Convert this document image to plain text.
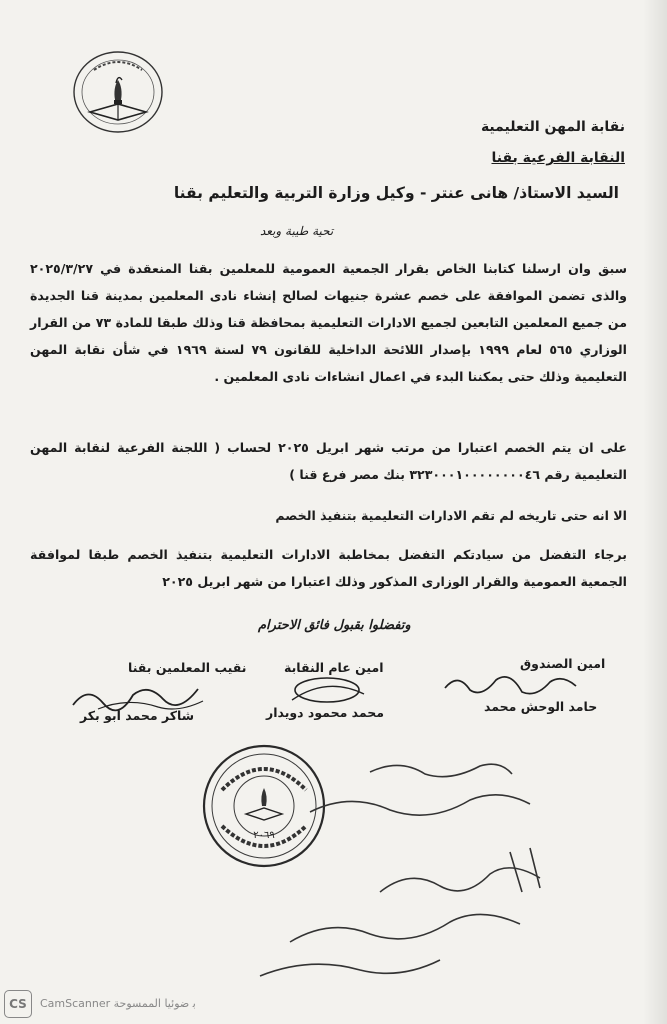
نقابة المهن التعليمية
النقابة الفرعية بقنا
السيد الاستاذ/ هانى عنتر - وكيل وزارة التربية والتعليم بقنا
تحية طيبة وبعد
سبق وان ارسلنا كتابنا الخاص بقرار الجمعية العمومية للمعلمين بقنا المنعقدة في ٢٠٢٥/٣/٢٧ والذى تضمن الموافقة على خصم عشرة جنيهات لصالح إنشاء نادى المعلمين بمدينة قنا الجديدة من جميع المعلمين التابعين لجميع الادارات التعليمية بمحافظة قنا وذلك طبقا للمادة ٧٣ من القرار الوزاري ٥٦٥ لعام ١٩٩٩ بإصدار اللائحة الداخلية للقانون ٧٩ لسنة ١٩٦٩ في شأن نقابة المهن التعليمية وذلك حتى يمكننا البدء في اعمال انشاءات نادى المعلمين .
على ان يتم الخصم اعتبارا من مرتب شهر ابريل ٢٠٢٥ لحساب ( اللجنة الفرعية لنقابة المهن التعليمية رقم ٣٢٣٠٠٠١٠٠٠٠٠٠٠٠٤٦ بنك مصر فرع قنا )
الا انه حتى تاريخه لم تقم الادارات التعليمية بتنفيذ الخصم
برجاء التفضل من سيادتكم التفضل بمخاطبة الادارات التعليمية بتنفيذ الخصم طبقا لموافقة الجمعية العمومية والقرار الوزارى المذكور وذلك اعتبارا من شهر ابريل ٢٠٢٥
وتفضلوا بقبول فائق الاحترام
نقيب المعلمين بقنا
شاكر محمد ابو بكر
امين عام النقابة
محمد محمود دويدار
امين الصندوق
حامد الوحش محمد
٢٠٦٩
CS	CamScanner ﺑ ﺿﻮﺋﻴﺎ اﻟﻤﻤﺴﻮﺣﺔ
